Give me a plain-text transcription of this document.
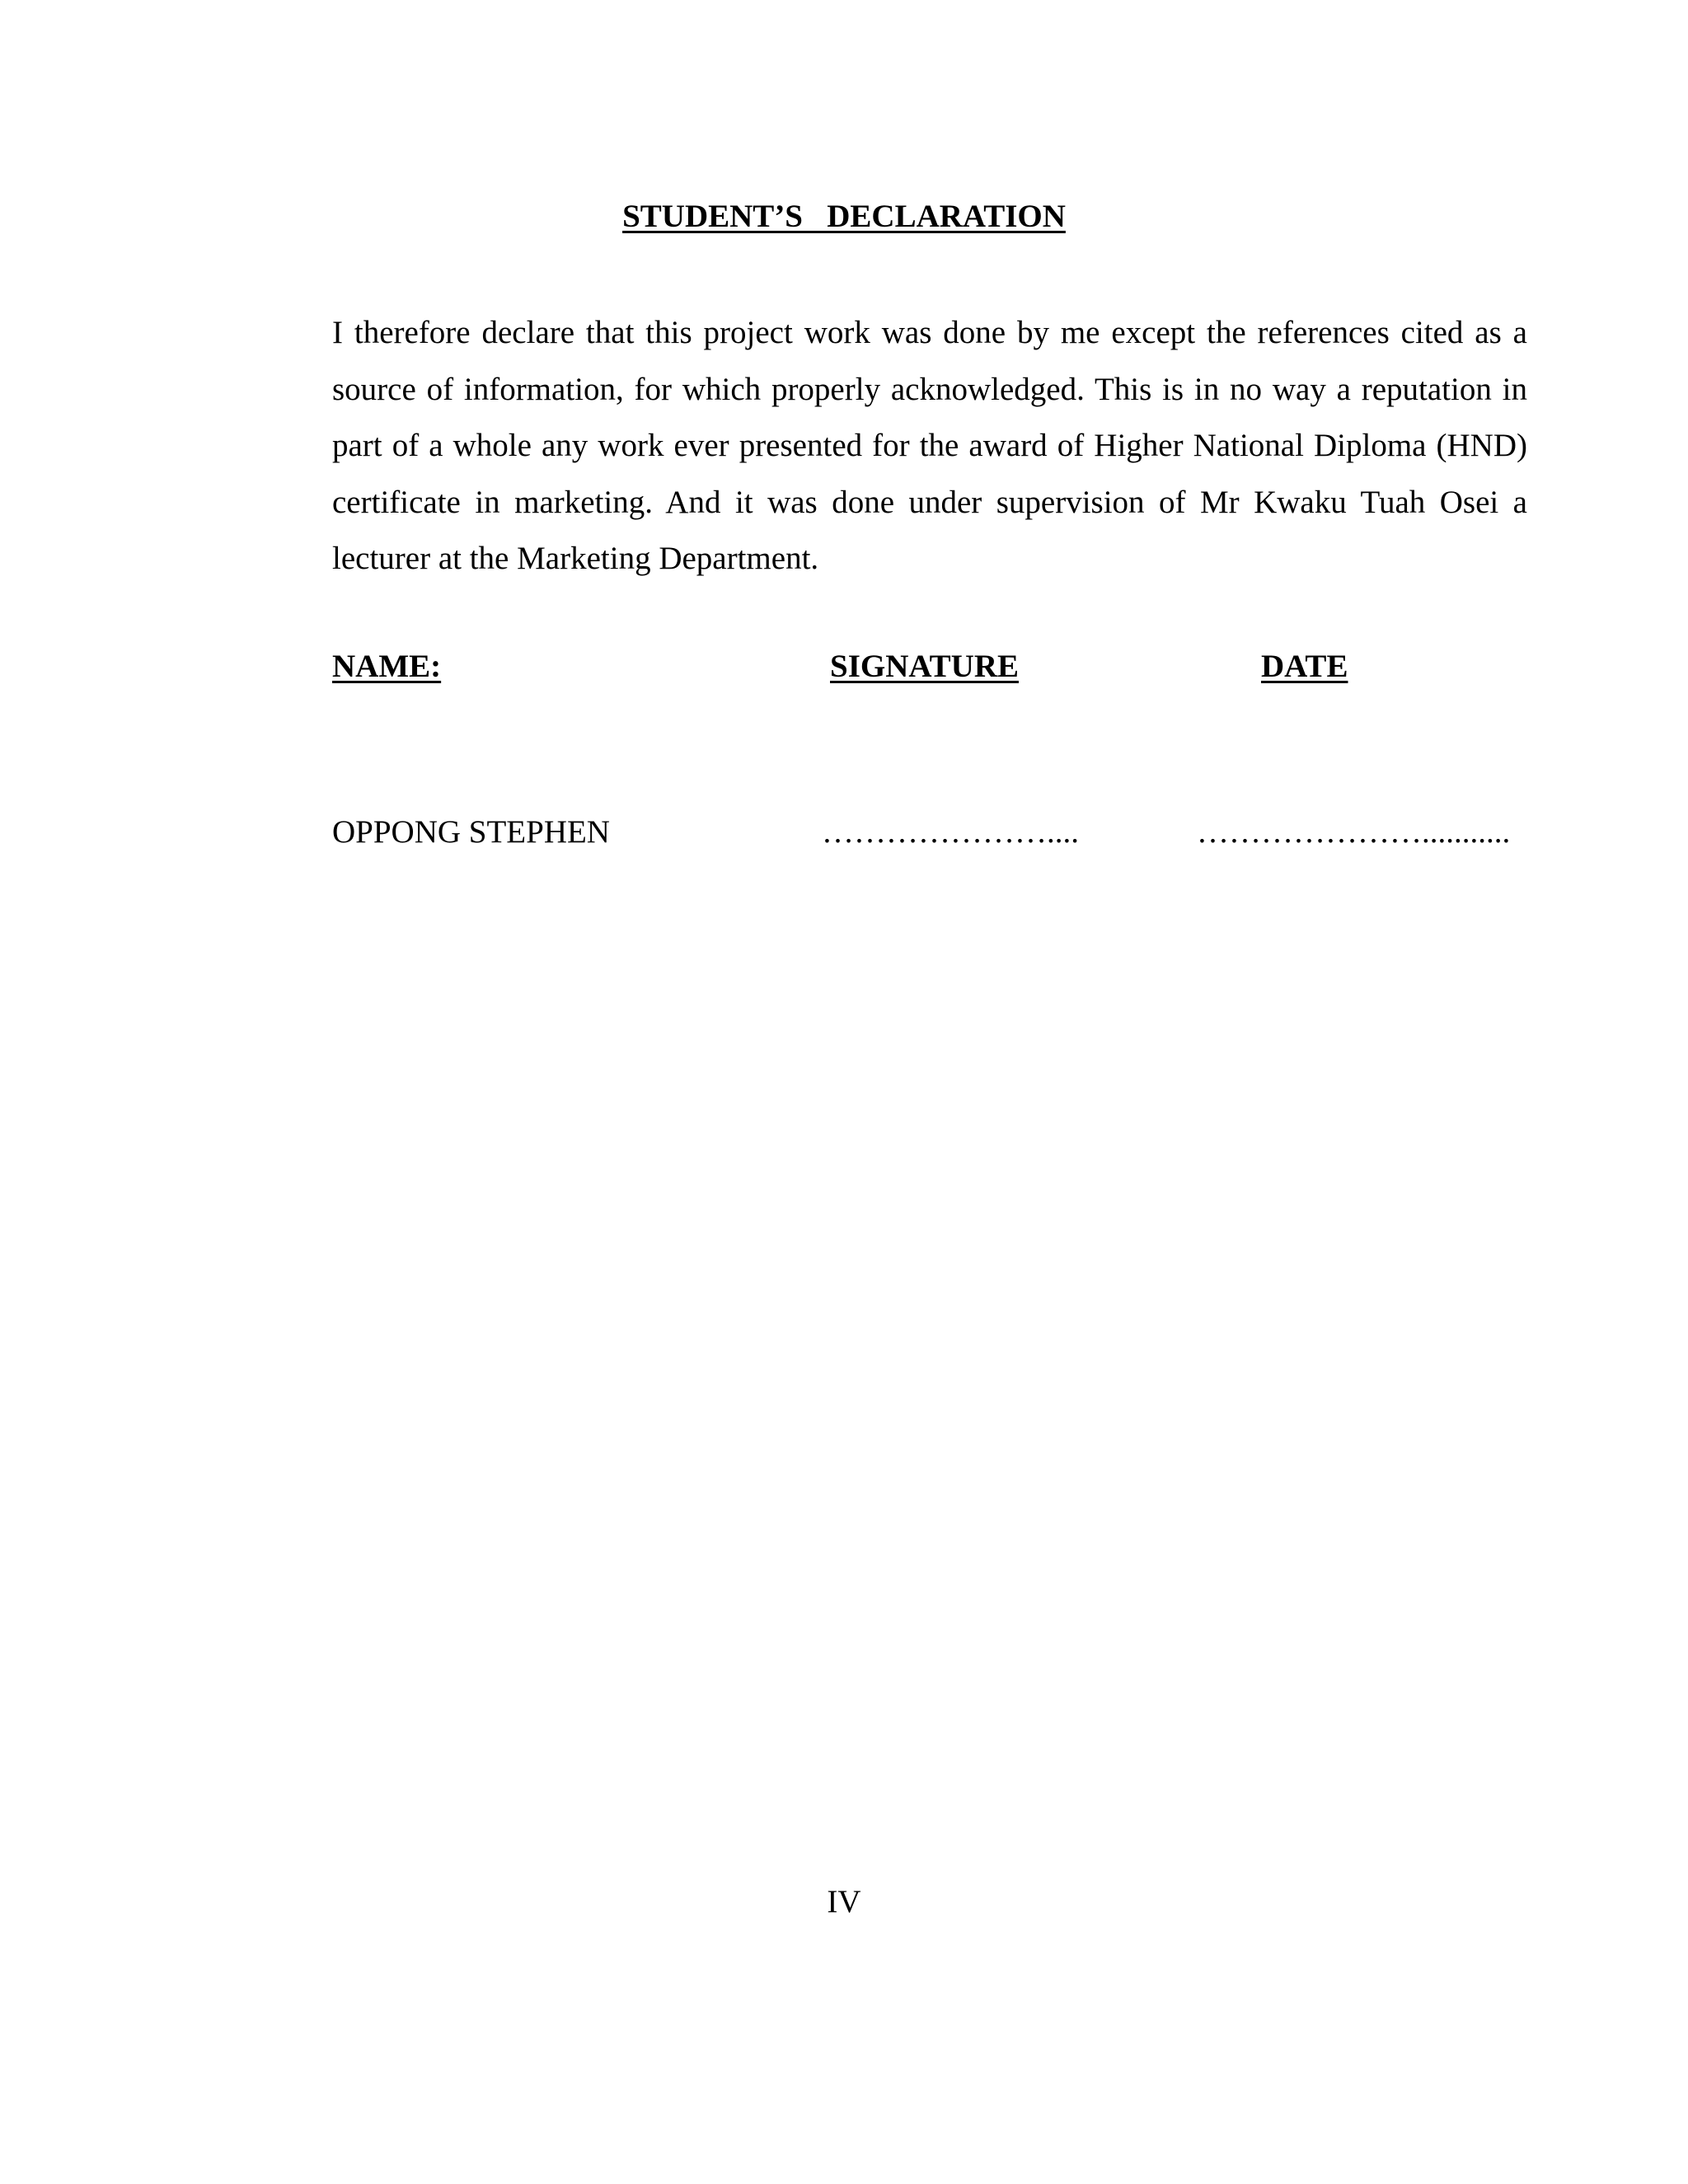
STUDENT’S   DECLARATION

I therefore declare that this project work was done by me except the references cited as a source of information, for which properly acknowledged. This is in no way a reputation in part of a whole any work ever presented for the award of Higher National Diploma (HND) certificate in marketing. And it was done under supervision of Mr Kwaku Tuah Osei a lecturer at the Marketing Department.

NAME:	SIGNATURE	DATE
OPPONG STEPHEN	…………………....	…………………...........
IV
